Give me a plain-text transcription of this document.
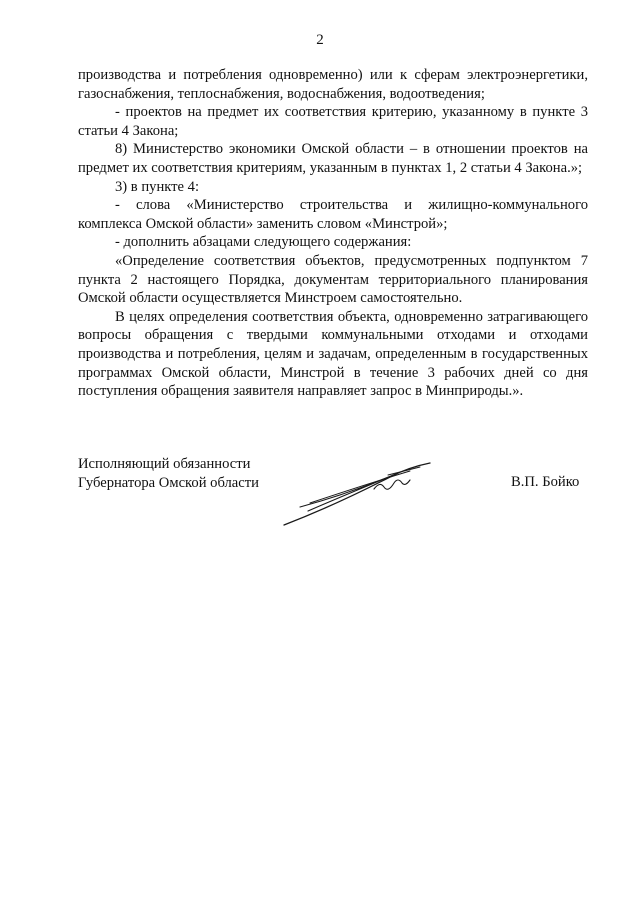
2

производства и потребления одновременно) или к сферам электроэнергетики, газоснабжения, теплоснабжения, водоснабжения, водоотведения;

- проектов на предмет их соответствия критерию, указанному в пункте 3 статьи 4 Закона;

8) Министерство экономики Омской области – в отношении проектов на предмет их соответствия критериям, указанным в пунктах 1, 2 статьи 4 Закона.»;

3) в пункте 4:

- слова «Министерство строительства и жилищно-коммунального комплекса Омской области» заменить словом «Минстрой»;

- дополнить абзацами следующего содержания:

«Определение соответствия объектов, предусмотренных подпунктом 7 пункта 2 настоящего Порядка, документам территориального планирования Омской области осуществляется Минстроем самостоятельно.

В целях определения соответствия объекта, одновременно затрагивающего вопросы обращения с твердыми коммунальными отходами и отходами производства и потребления, целям и задачам, определенным в государственных программах Омской области, Минстрой в течение 3 рабочих дней со дня поступления обращения заявителя направляет запрос в Минприроды.».

Исполняющий обязанности
Губернатора Омской области	В.П. Бойко
